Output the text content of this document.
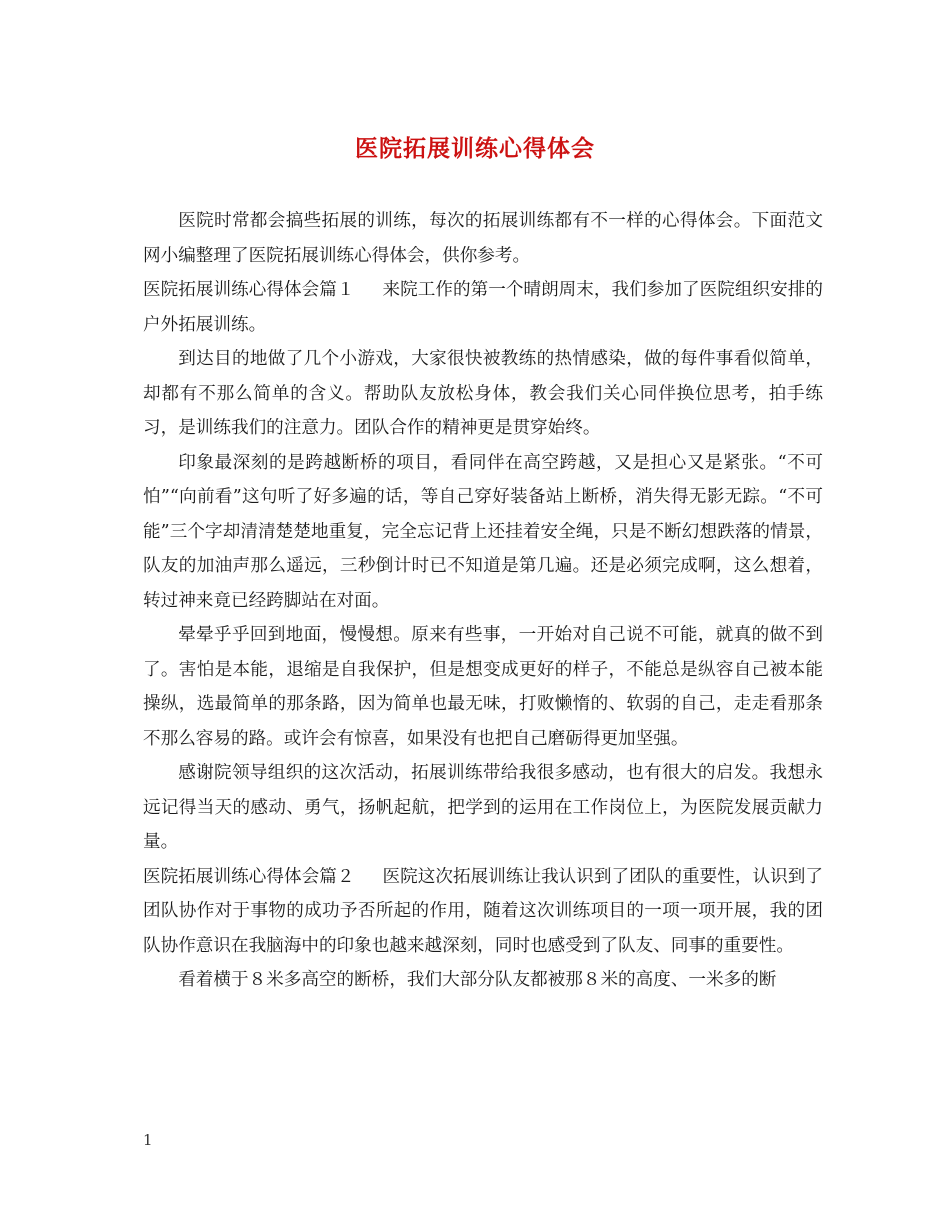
医院拓展训练心得体会

医院时常都会搞些拓展的训练，每次的拓展训练都有不一样的心得体会。下面范文网小编整理了医院拓展训练心得体会，供你参考。

医院拓展训练心得体会篇１ 来院工作的第一个晴朗周末，我们参加了医院组织安排的户外拓展训练。

到达目的地做了几个小游戏，大家很快被教练的热情感染，做的每件事看似简单，却都有不那么简单的含义。帮助队友放松身体，教会我们关心同伴换位思考，拍手练习，是训练我们的注意力。团队合作的精神更是贯穿始终。

印象最深刻的是跨越断桥的项目，看同伴在高空跨越，又是担心又是紧张。“不可怕”“向前看”这句听了好多遍的话，等自己穿好装备站上断桥，消失得无影无踪。“不可能”三个字却清清楚楚地重复，完全忘记背上还挂着安全绳，只是不断幻想跌落的情景，队友的加油声那么遥远，三秒倒计时已不知道是第几遍。还是必须完成啊，这么想着，转过神来竟已经跨脚站在对面。

晕晕乎乎回到地面，慢慢想。原来有些事，一开始对自己说不可能，就真的做不到了。害怕是本能，退缩是自我保护，但是想变成更好的样子，不能总是纵容自己被本能操纵，选最简单的那条路，因为简单也最无味，打败懒惰的、软弱的自己，走走看那条不那么容易的路。或许会有惊喜，如果没有也把自己磨砺得更加坚强。

感谢院领导组织的这次活动，拓展训练带给我很多感动，也有很大的启发。我想永远记得当天的感动、勇气，扬帆起航，把学到的运用在工作岗位上，为医院发展贡献力量。

医院拓展训练心得体会篇２ 医院这次拓展训练让我认识到了团队的重要性，认识到了团队协作对于事物的成功予否所起的作用，随着这次训练项目的一项一项开展，我的团队协作意识在我脑海中的印象也越来越深刻，同时也感受到了队友、同事的重要性。

看着横于８米多高空的断桥，我们大部分队友都被那８米的高度、一米多的断

1
